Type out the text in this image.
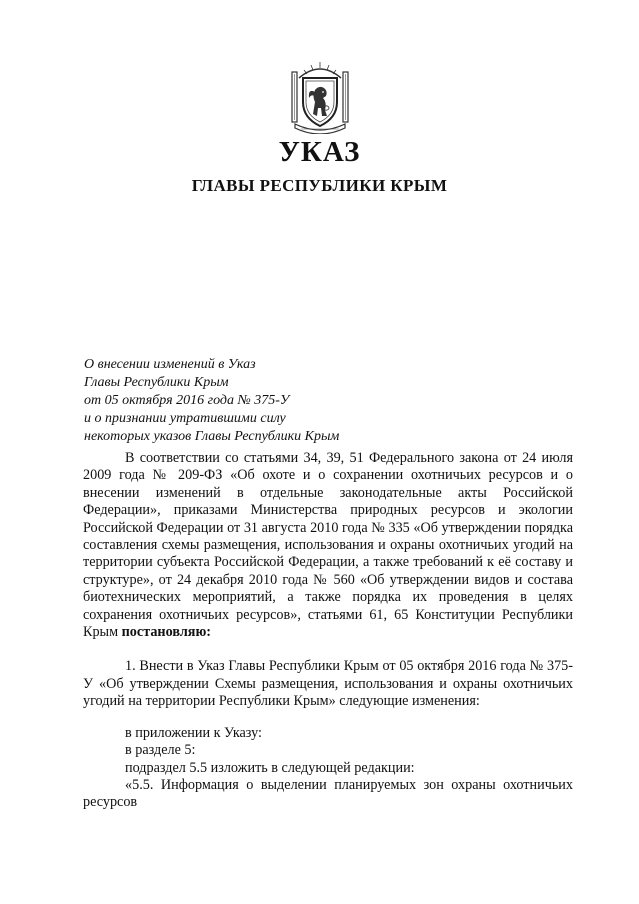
УКАЗ
ГЛАВЫ РЕСПУБЛИКИ КРЫМ
О внесении изменений в Указ
Главы Республики Крым
от 05 октября 2016 года № 375-У
и о признании утратившими силу
некоторых указов Главы Республики Крым

В соответствии со статьями 34, 39, 51 Федерального закона от 24 июля 2009 года № 209-ФЗ «Об охоте и о сохранении охотничьих ресурсов и о внесении изменений в отдельные законодательные акты Российской Федерации», приказами Министерства природных ресурсов и экологии Российской Федерации от 31 августа 2010 года № 335 «Об утверждении порядка составления схемы размещения, использования и охраны охотничьих угодий на территории субъекта Российской Федерации, а также требований к её составу и структуре», от 24 декабря 2010 года № 560 «Об утверждении видов и состава биотехнических мероприятий, а также порядка их проведения в целях сохранения охотничьих ресурсов», статьями 61, 65 Конституции Республики Крым постановляю:

1. Внести в Указ Главы Республики Крым от 05 октября 2016 года № 375-У «Об утверждении Схемы размещения, использования и охраны охотничьих угодий на территории Республики Крым» следующие изменения:

в приложении к Указу:

в разделе 5:

подраздел 5.5 изложить в следующей редакции:

«5.5. Информация о выделении планируемых зон охраны охотничьих ресурсов
